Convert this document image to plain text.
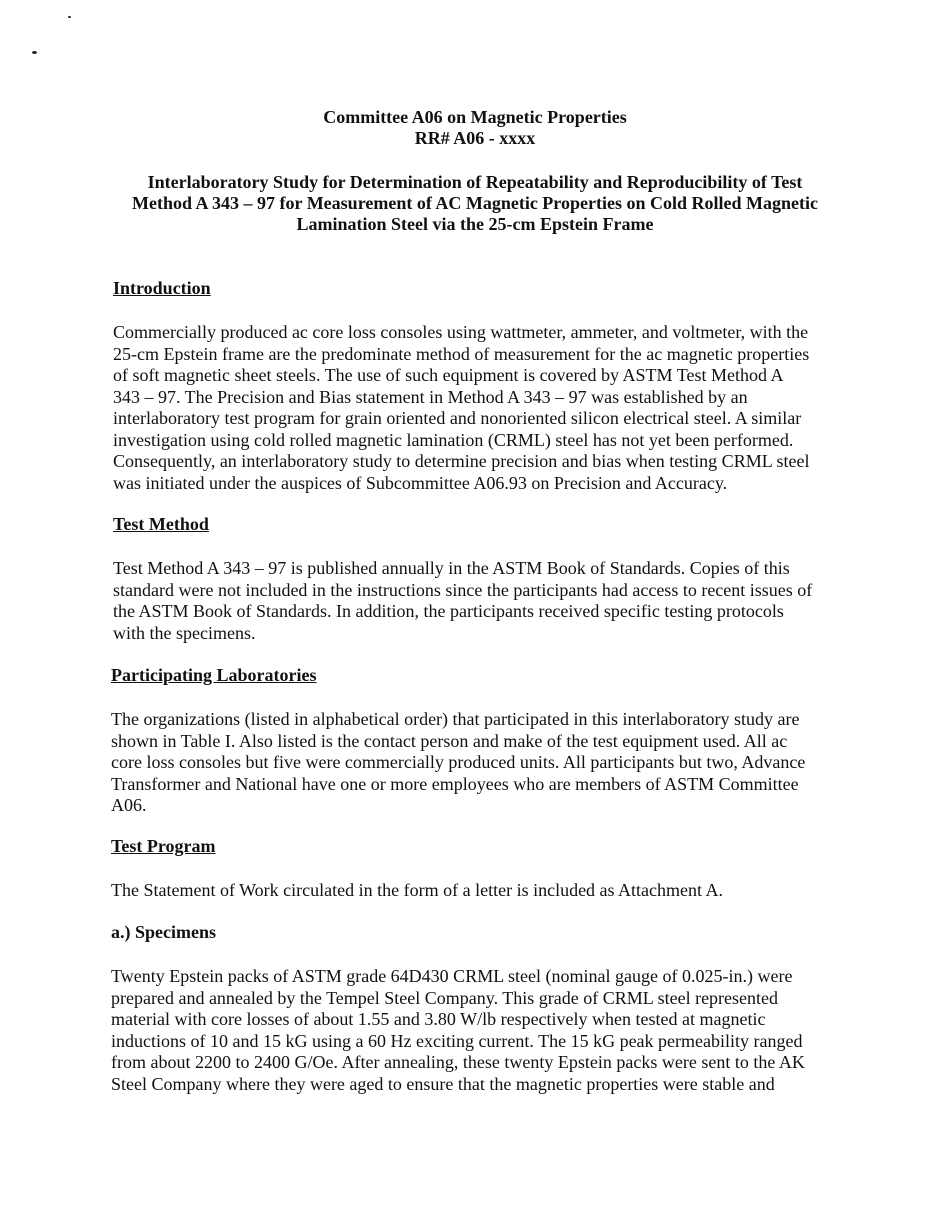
Committee A06 on Magnetic Properties
RR# A06 - xxxx
Interlaboratory Study for Determination of Repeatability and Reproducibility of Test
Method A 343 – 97 for Measurement of AC Magnetic Properties on Cold Rolled Magnetic
Lamination Steel via the 25-cm Epstein Frame
Introduction
Commercially produced ac core loss consoles using wattmeter, ammeter, and voltmeter, with the
25-cm Epstein frame are the predominate method of measurement for the ac magnetic properties
of soft magnetic sheet steels. The use of such equipment is covered by ASTM Test Method A
343 – 97. The Precision and Bias statement in Method A 343 – 97 was established by an
interlaboratory test program for grain oriented and nonoriented silicon electrical steel. A similar
investigation using cold rolled magnetic lamination (CRML) steel has not yet been performed.
Consequently, an interlaboratory study to determine precision and bias when testing CRML steel
was initiated under the auspices of Subcommittee A06.93 on Precision and Accuracy.
Test Method
Test Method A 343 – 97 is published annually in the ASTM Book of Standards. Copies of this
standard were not included in the instructions since the participants had access to recent issues of
the ASTM Book of Standards. In addition, the participants received specific testing protocols
with the specimens.
Participating Laboratories
The organizations (listed in alphabetical order) that participated in this interlaboratory study are
shown in Table I. Also listed is the contact person and make of the test equipment used. All ac
core loss consoles but five were commercially produced units. All participants but two, Advance
Transformer and National have one or more employees who are members of ASTM Committee
A06.
Test Program
The Statement of Work circulated in the form of a letter is included as Attachment A.
a.) Specimens
Twenty Epstein packs of ASTM grade 64D430 CRML steel (nominal gauge of 0.025-in.) were
prepared and annealed by the Tempel Steel Company. This grade of CRML steel represented
material with core losses of about 1.55 and 3.80 W/lb respectively when tested at magnetic
inductions of 10 and 15 kG using a 60 Hz exciting current. The 15 kG peak permeability ranged
from about 2200 to 2400 G/Oe. After annealing, these twenty Epstein packs were sent to the AK
Steel Company where they were aged to ensure that the magnetic properties were stable and
